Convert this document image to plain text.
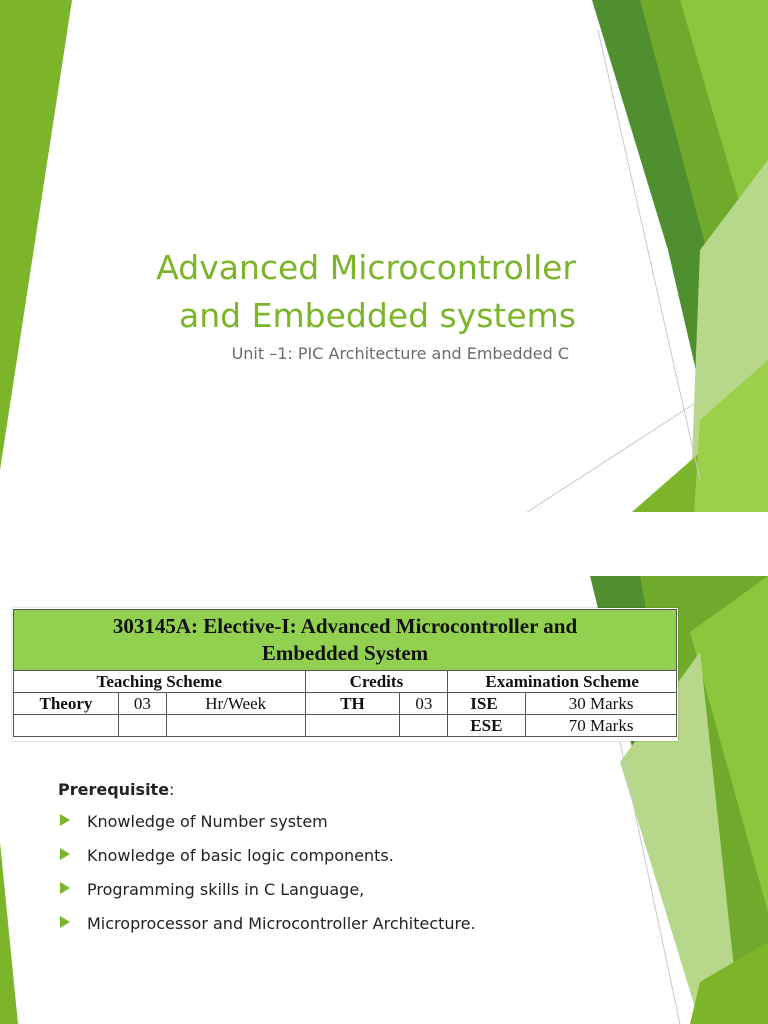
Advanced Microcontroller
and Embedded systems
Unit –1: PIC Architecture and Embedded C
303145A: Elective-I: Advanced Microcontroller and
Embedded System						
Teaching Scheme			Credits		Examination Scheme	
Theory	03	Hr/Week	TH	03	ISE	30 Marks
					ESE	70 Marks
Prerequisite:
Knowledge of Number system
Knowledge of basic logic components.
Programming skills in C Language,
Microprocessor and Microcontroller Architecture.
